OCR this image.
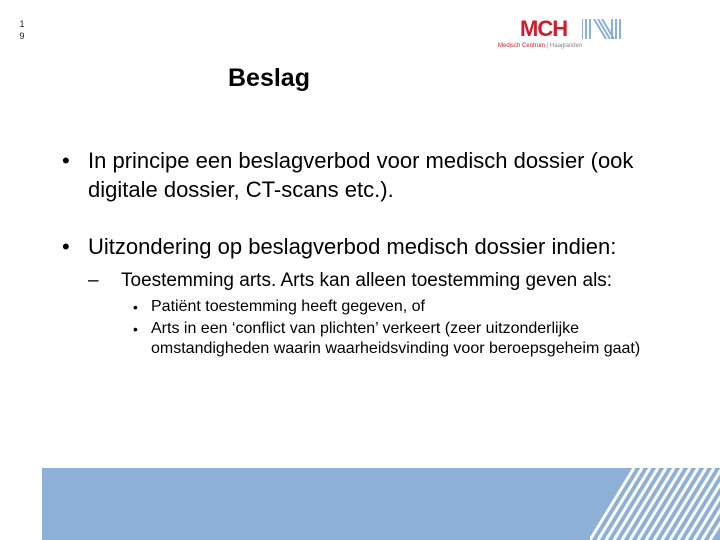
1
9	MCH
Medisch Centrum | Haaglanden
Beslag
• In principe een beslagverbod voor medisch dossier (ook digitale dossier, CT-scans etc.).
• Uitzondering op beslagverbod medisch dossier indien:
– Toestemming arts. Arts kan alleen toestemming geven als:
• Patiënt toestemming heeft gegeven, of
• Arts in een ‘conflict van plichten’ verkeert (zeer uitzonderlijke omstandigheden waarin waarheidsvinding voor beroepsgeheim gaat)
